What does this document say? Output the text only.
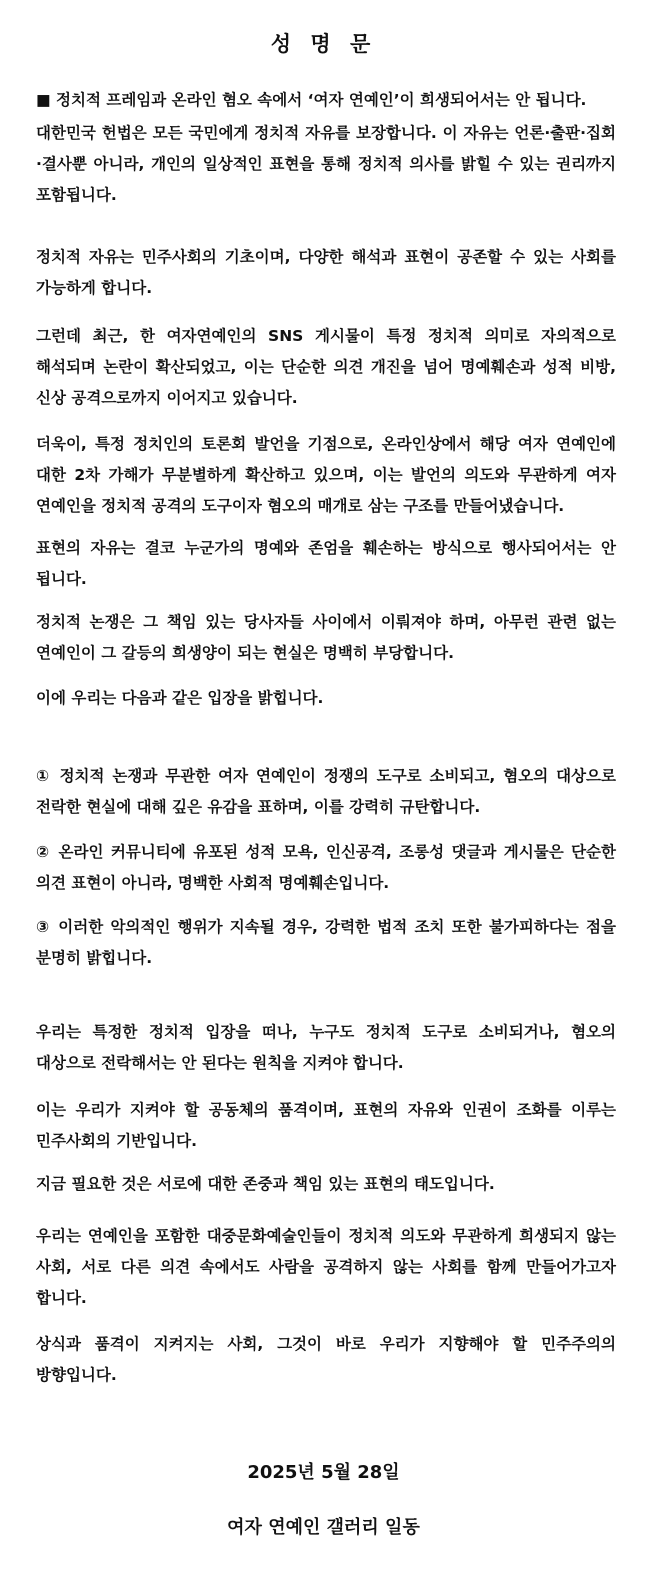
성 명 문
■ 정치적 프레임과 온라인 혐오 속에서 ‘여자 연예인’이 희생되어서는 안 됩니다.
대한민국 헌법은 모든 국민에게 정치적 자유를 보장합니다. 이 자유는 언론·출판·집회·결사뿐 아니라, 개인의 일상적인 표현을 통해 정치적 의사를 밝힐 수 있는 권리까지 포함됩니다.
정치적 자유는 민주사회의 기초이며, 다양한 해석과 표현이 공존할 수 있는 사회를 가능하게 합니다.
그런데 최근, 한 여자연예인의 SNS 게시물이 특정 정치적 의미로 자의적으로 해석되며 논란이 확산되었고, 이는 단순한 의견 개진을 넘어 명예훼손과 성적 비방, 신상 공격으로까지 이어지고 있습니다.
더욱이, 특정 정치인의 토론회 발언을 기점으로, 온라인상에서 해당 여자 연예인에 대한 2차 가해가 무분별하게 확산하고 있으며, 이는 발언의 의도와 무관하게 여자 연예인을 정치적 공격의 도구이자 혐오의 매개로 삼는 구조를 만들어냈습니다.
표현의 자유는 결코 누군가의 명예와 존엄을 훼손하는 방식으로 행사되어서는 안 됩니다.
정치적 논쟁은 그 책임 있는 당사자들 사이에서 이뤄져야 하며, 아무런 관련 없는 연예인이 그 갈등의 희생양이 되는 현실은 명백히 부당합니다.
이에 우리는 다음과 같은 입장을 밝힙니다.
① 정치적 논쟁과 무관한 여자 연예인이 정쟁의 도구로 소비되고, 혐오의 대상으로 전락한 현실에 대해 깊은 유감을 표하며, 이를 강력히 규탄합니다.
② 온라인 커뮤니티에 유포된 성적 모욕, 인신공격, 조롱성 댓글과 게시물은 단순한 의견 표현이 아니라, 명백한 사회적 명예훼손입니다.
③ 이러한 악의적인 행위가 지속될 경우, 강력한 법적 조치 또한 불가피하다는 점을 분명히 밝힙니다.
우리는 특정한 정치적 입장을 떠나, 누구도 정치적 도구로 소비되거나, 혐오의 대상으로 전락해서는 안 된다는 원칙을 지켜야 합니다.
이는 우리가 지켜야 할 공동체의 품격이며, 표현의 자유와 인권이 조화를 이루는 민주사회의 기반입니다.
지금 필요한 것은 서로에 대한 존중과 책임 있는 표현의 태도입니다.
우리는 연예인을 포함한 대중문화예술인들이 정치적 의도와 무관하게 희생되지 않는 사회, 서로 다른 의견 속에서도 사람을 공격하지 않는 사회를 함께 만들어가고자 합니다.
상식과 품격이 지켜지는 사회, 그것이 바로 우리가 지향해야 할 민주주의의 방향입니다.
2025년 5월 28일
여자 연예인 갤러리 일동
